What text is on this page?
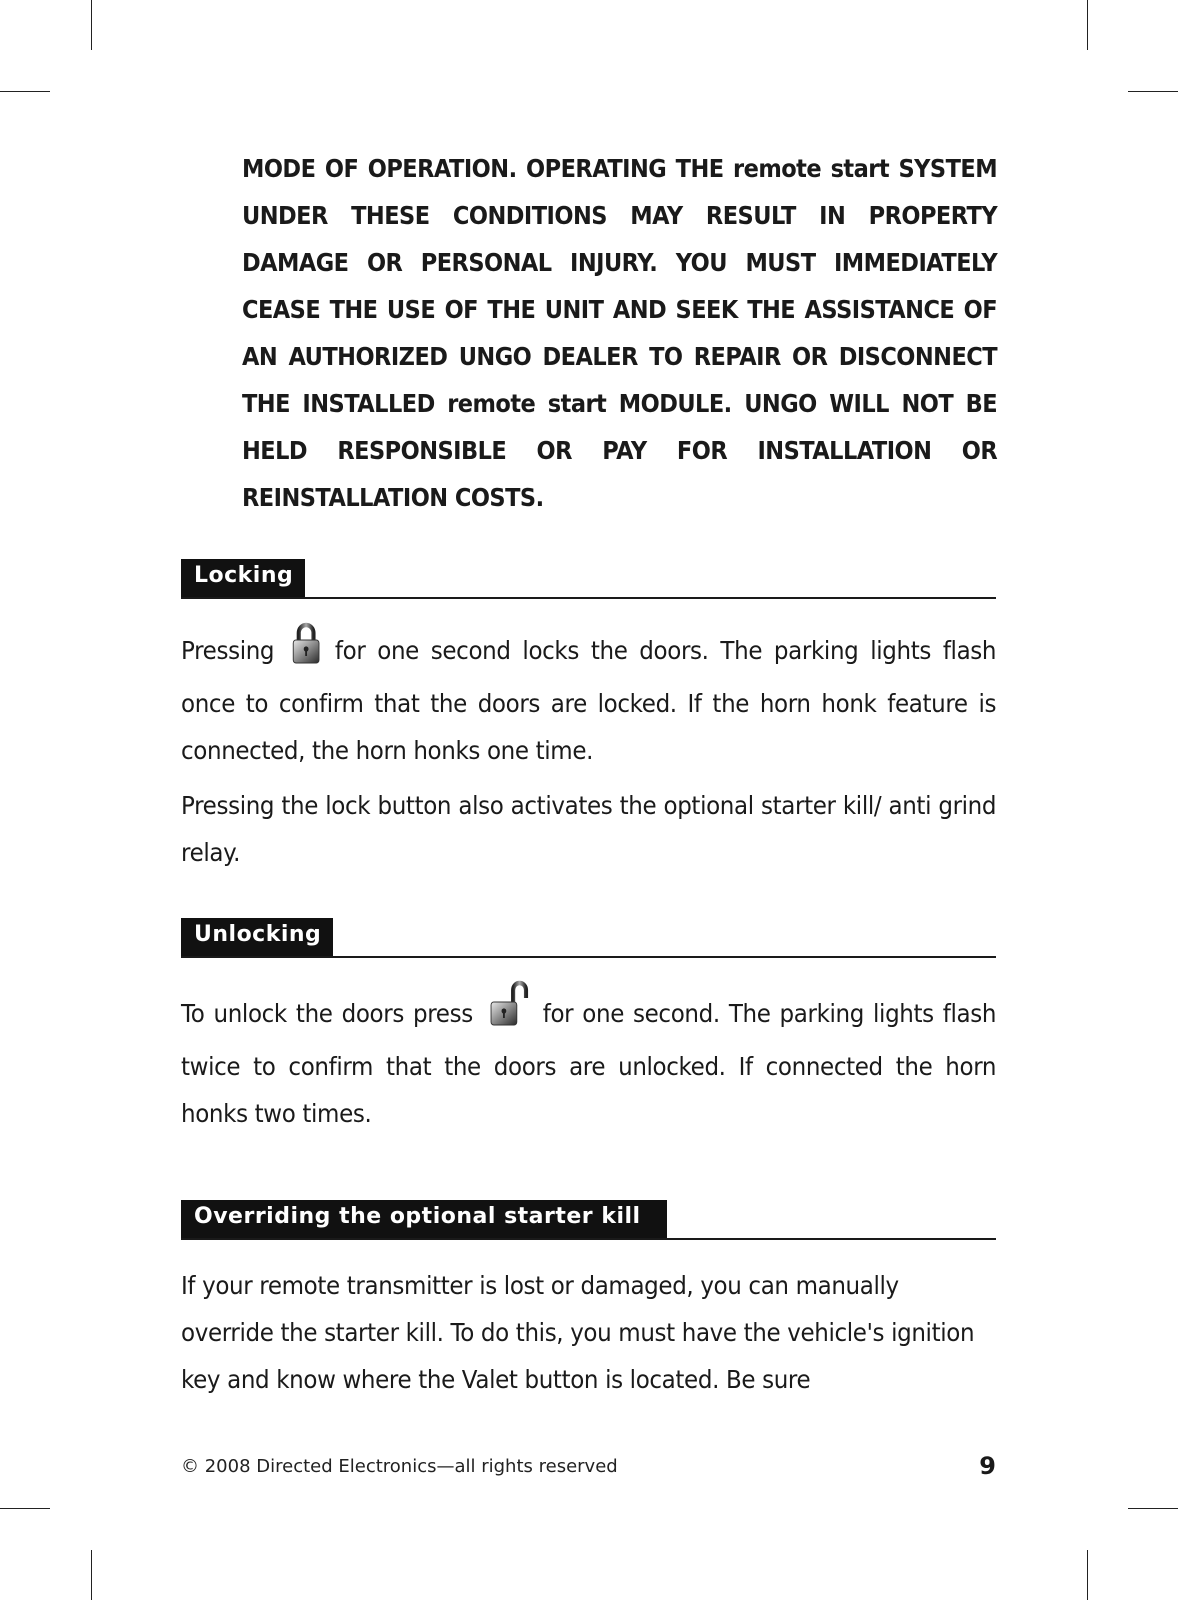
MODE OF OPERATION. OPERATING THE remote start SYSTEM UNDER THESE CONDITIONS MAY RESULT IN PROPERTY DAMAGE OR PERSONAL INJURY. YOU MUST IMMEDIATELY CEASE THE USE OF THE UNIT AND SEEK THE ASSISTANCE OF AN AUTHORIZED UNGO DEALER TO REPAIR OR DISCONNECT THE INSTALLED remote start MODULE. UNGO WILL NOT BE HELD RESPONSIBLE OR PAY FOR INSTALLATION OR REINSTALLATION COSTS.
Locking
Pressing for one second locks the doors. The parking lights flash once to confirm that the doors are locked. If the horn honk feature is connected, the horn honks one time.
Pressing the lock button also activates the optional starter kill/ anti grind relay.
Unlocking
To unlock the doors press	for one second. The parking lights flash twice to confirm that the doors are unlocked. If connected the horn honks two times.
Overriding the optional starter kill
If your remote transmitter is lost or damaged, you can manually override the starter kill. To do this, you must have the vehicle's ignition key and know where the Valet button is located. Be sure
© 2008 Directed Electronics—all rights reserved	9
